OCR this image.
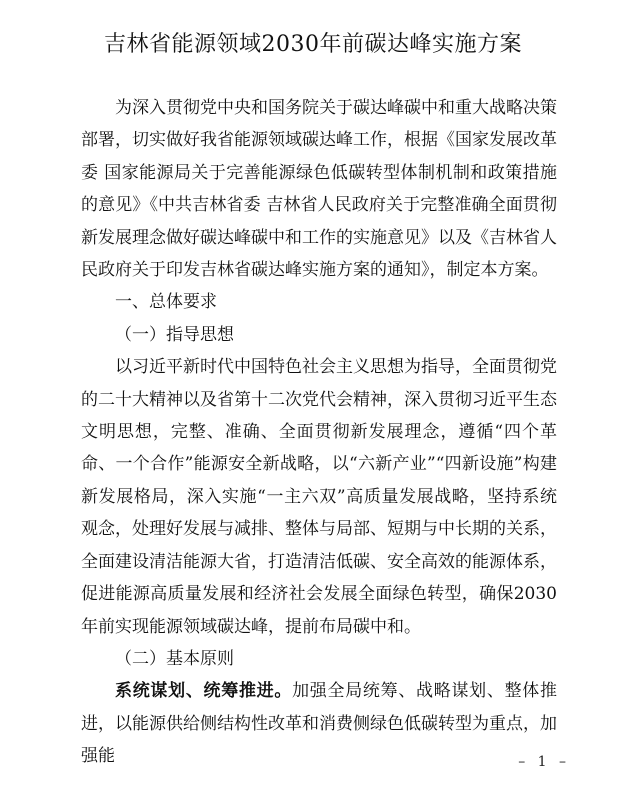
吉林省能源领域2030年前碳达峰实施方案

为深入贯彻党中央和国务院关于碳达峰碳中和重大战略决策部署，切实做好我省能源领域碳达峰工作，根据《国家发展改革委 国家能源局关于完善能源绿色低碳转型体制机制和政策措施的意见》《中共吉林省委 吉林省人民政府关于完整准确全面贯彻新发展理念做好碳达峰碳中和工作的实施意见》以及《吉林省人民政府关于印发吉林省碳达峰实施方案的通知》，制定本方案。

一、总体要求

（一）指导思想

以习近平新时代中国特色社会主义思想为指导，全面贯彻党的二十大精神以及省第十二次党代会精神，深入贯彻习近平生态文明思想，完整、准确、全面贯彻新发展理念，遵循“四个革命、一个合作”能源安全新战略，以“六新产业”“四新设施”构建新发展格局，深入实施“一主六双”高质量发展战略，坚持系统观念，处理好发展与减排、整体与局部、短期与中长期的关系，全面建设清洁能源大省，打造清洁低碳、安全高效的能源体系，促进能源高质量发展和经济社会发展全面绿色转型，确保2030年前实现能源领域碳达峰，提前布局碳中和。

（二）基本原则

系统谋划、统筹推进。加强全局统筹、战略谋划、整体推进，以能源供给侧结构性改革和消费侧绿色低碳转型为重点，加强能	– 1 –
